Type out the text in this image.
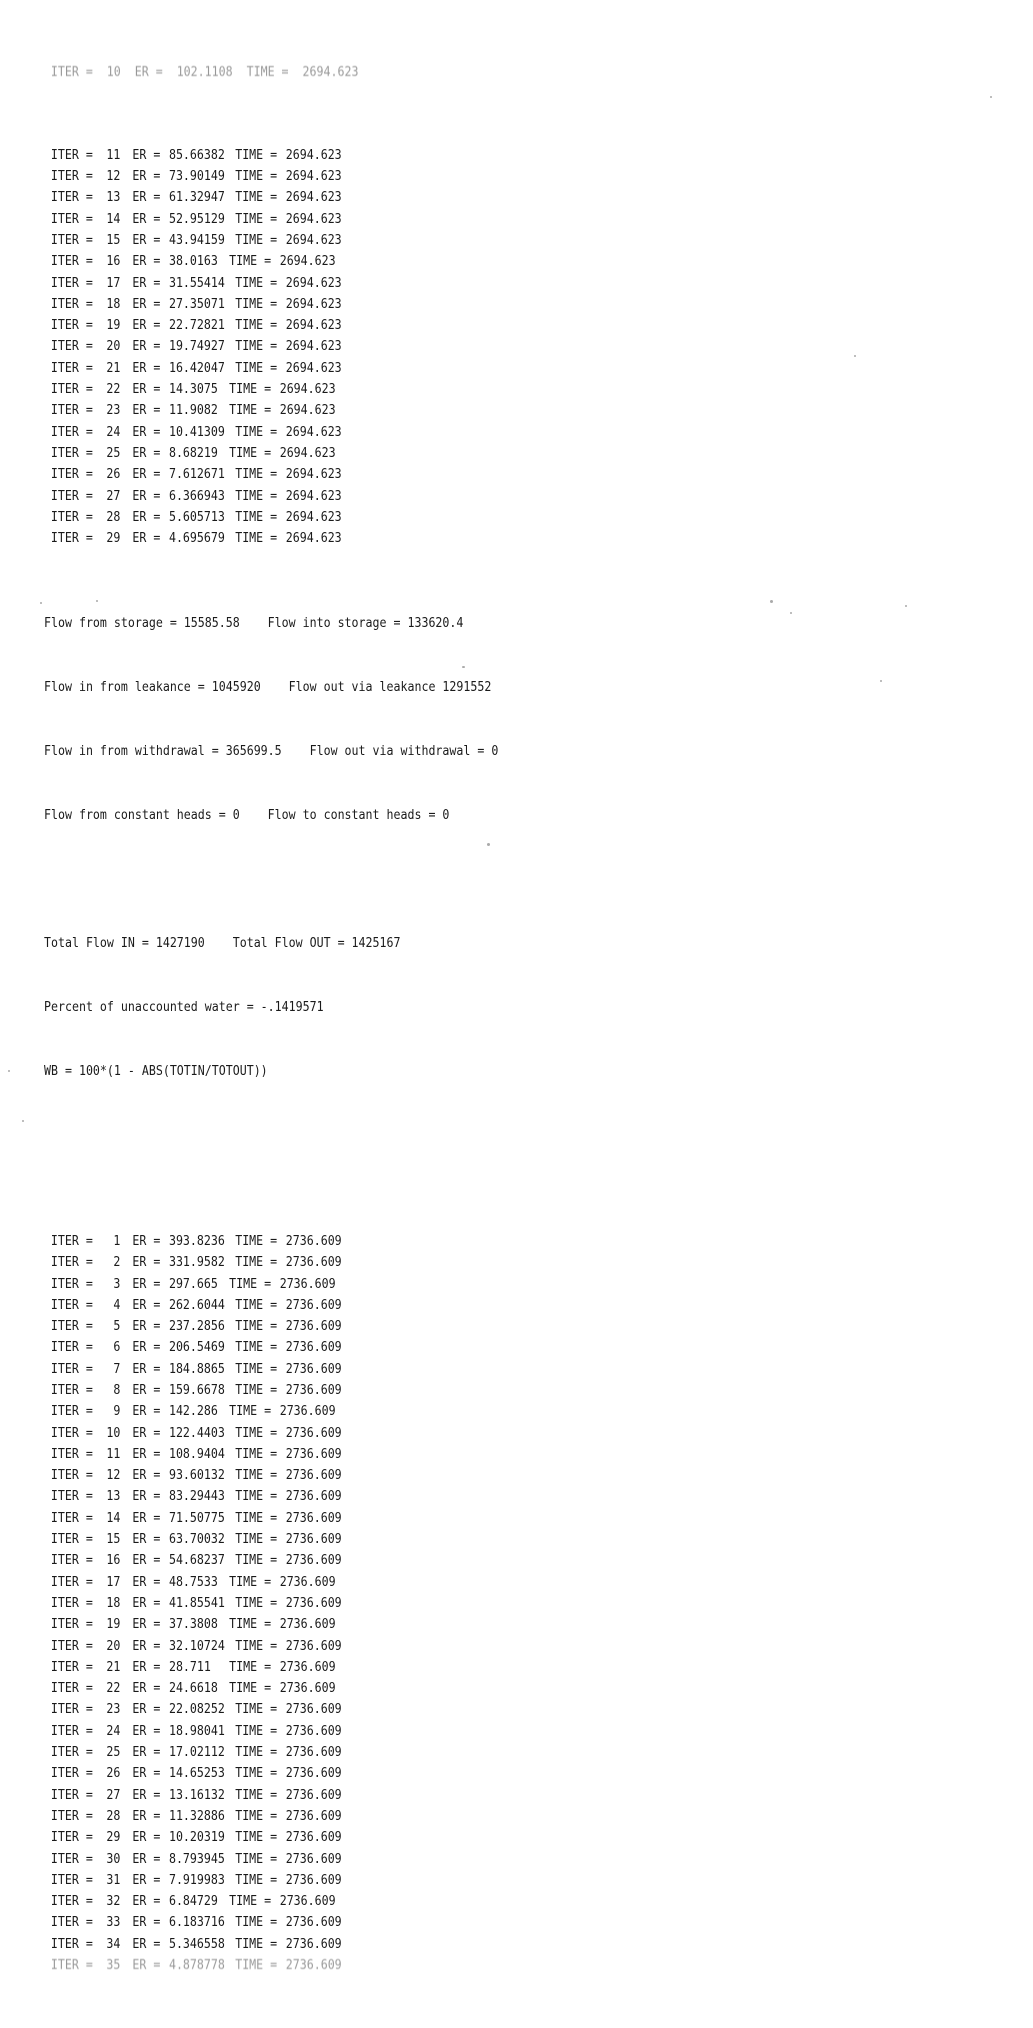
ITER =  10  ER =  102.1108  TIME =  2694.623

ITER = 11 ER = 85.66382 TIME = 2694.623
ITER = 12 ER = 73.90149 TIME = 2694.623
ITER = 13 ER = 61.32947 TIME = 2694.623
ITER = 14 ER = 52.95129 TIME = 2694.623
ITER = 15 ER = 43.94159 TIME = 2694.623
ITER = 16 ER = 38.0163 TIME = 2694.623
ITER = 17 ER = 31.55414 TIME = 2694.623
ITER = 18 ER = 27.35071 TIME = 2694.623
ITER = 19 ER = 22.72821 TIME = 2694.623
ITER = 20 ER = 19.74927 TIME = 2694.623
ITER = 21 ER = 16.42047 TIME = 2694.623
ITER = 22 ER = 14.3075 TIME = 2694.623
ITER = 23 ER = 11.9082 TIME = 2694.623
ITER = 24 ER = 10.41309 TIME = 2694.623
ITER = 25 ER = 8.68219 TIME = 2694.623
ITER = 26 ER = 7.612671 TIME = 2694.623
ITER = 27 ER = 6.366943 TIME = 2694.623
ITER = 28 ER = 5.605713 TIME = 2694.623
ITER = 29 ER = 4.695679 TIME = 2694.623

Flow from storage = 15585.58    Flow into storage = 133620.4

Flow in from leakance = 1045920    Flow out via leakance 1291552

Flow in from withdrawal = 365699.5    Flow out via withdrawal = 0

Flow from constant heads = 0    Flow to constant heads = 0

Total Flow IN = 1427190    Total Flow OUT = 1425167

Percent of unaccounted water = -.1419571

WB = 100*(1 - ABS(TOTIN/TOTOUT))

ITER = 1 ER = 393.8236 TIME = 2736.609
ITER = 2 ER = 331.9582 TIME = 2736.609
ITER = 3 ER = 297.665 TIME = 2736.609
ITER = 4 ER = 262.6044 TIME = 2736.609
ITER = 5 ER = 237.2856 TIME = 2736.609
ITER = 6 ER = 206.5469 TIME = 2736.609
ITER = 7 ER = 184.8865 TIME = 2736.609
ITER = 8 ER = 159.6678 TIME = 2736.609
ITER = 9 ER = 142.286 TIME = 2736.609
ITER = 10 ER = 122.4403 TIME = 2736.609
ITER = 11 ER = 108.9404 TIME = 2736.609
ITER = 12 ER = 93.60132 TIME = 2736.609
ITER = 13 ER = 83.29443 TIME = 2736.609
ITER = 14 ER = 71.50775 TIME = 2736.609
ITER = 15 ER = 63.70032 TIME = 2736.609
ITER = 16 ER = 54.68237 TIME = 2736.609
ITER = 17 ER = 48.7533 TIME = 2736.609
ITER = 18 ER = 41.85541 TIME = 2736.609
ITER = 19 ER = 37.3808 TIME = 2736.609
ITER = 20 ER = 32.10724 TIME = 2736.609
ITER = 21 ER = 28.711 TIME = 2736.609
ITER = 22 ER = 24.6618 TIME = 2736.609
ITER = 23 ER = 22.08252 TIME = 2736.609
ITER = 24 ER = 18.98041 TIME = 2736.609
ITER = 25 ER = 17.02112 TIME = 2736.609
ITER = 26 ER = 14.65253 TIME = 2736.609
ITER = 27 ER = 13.16132 TIME = 2736.609
ITER = 28 ER = 11.32886 TIME = 2736.609
ITER = 29 ER = 10.20319 TIME = 2736.609
ITER = 30 ER = 8.793945 TIME = 2736.609
ITER = 31 ER = 7.919983 TIME = 2736.609
ITER = 32 ER = 6.84729 TIME = 2736.609
ITER = 33 ER = 6.183716 TIME = 2736.609
ITER = 34 ER = 5.346558 TIME = 2736.609
ITER = 35 ER = 4.878778 TIME = 2736.609
